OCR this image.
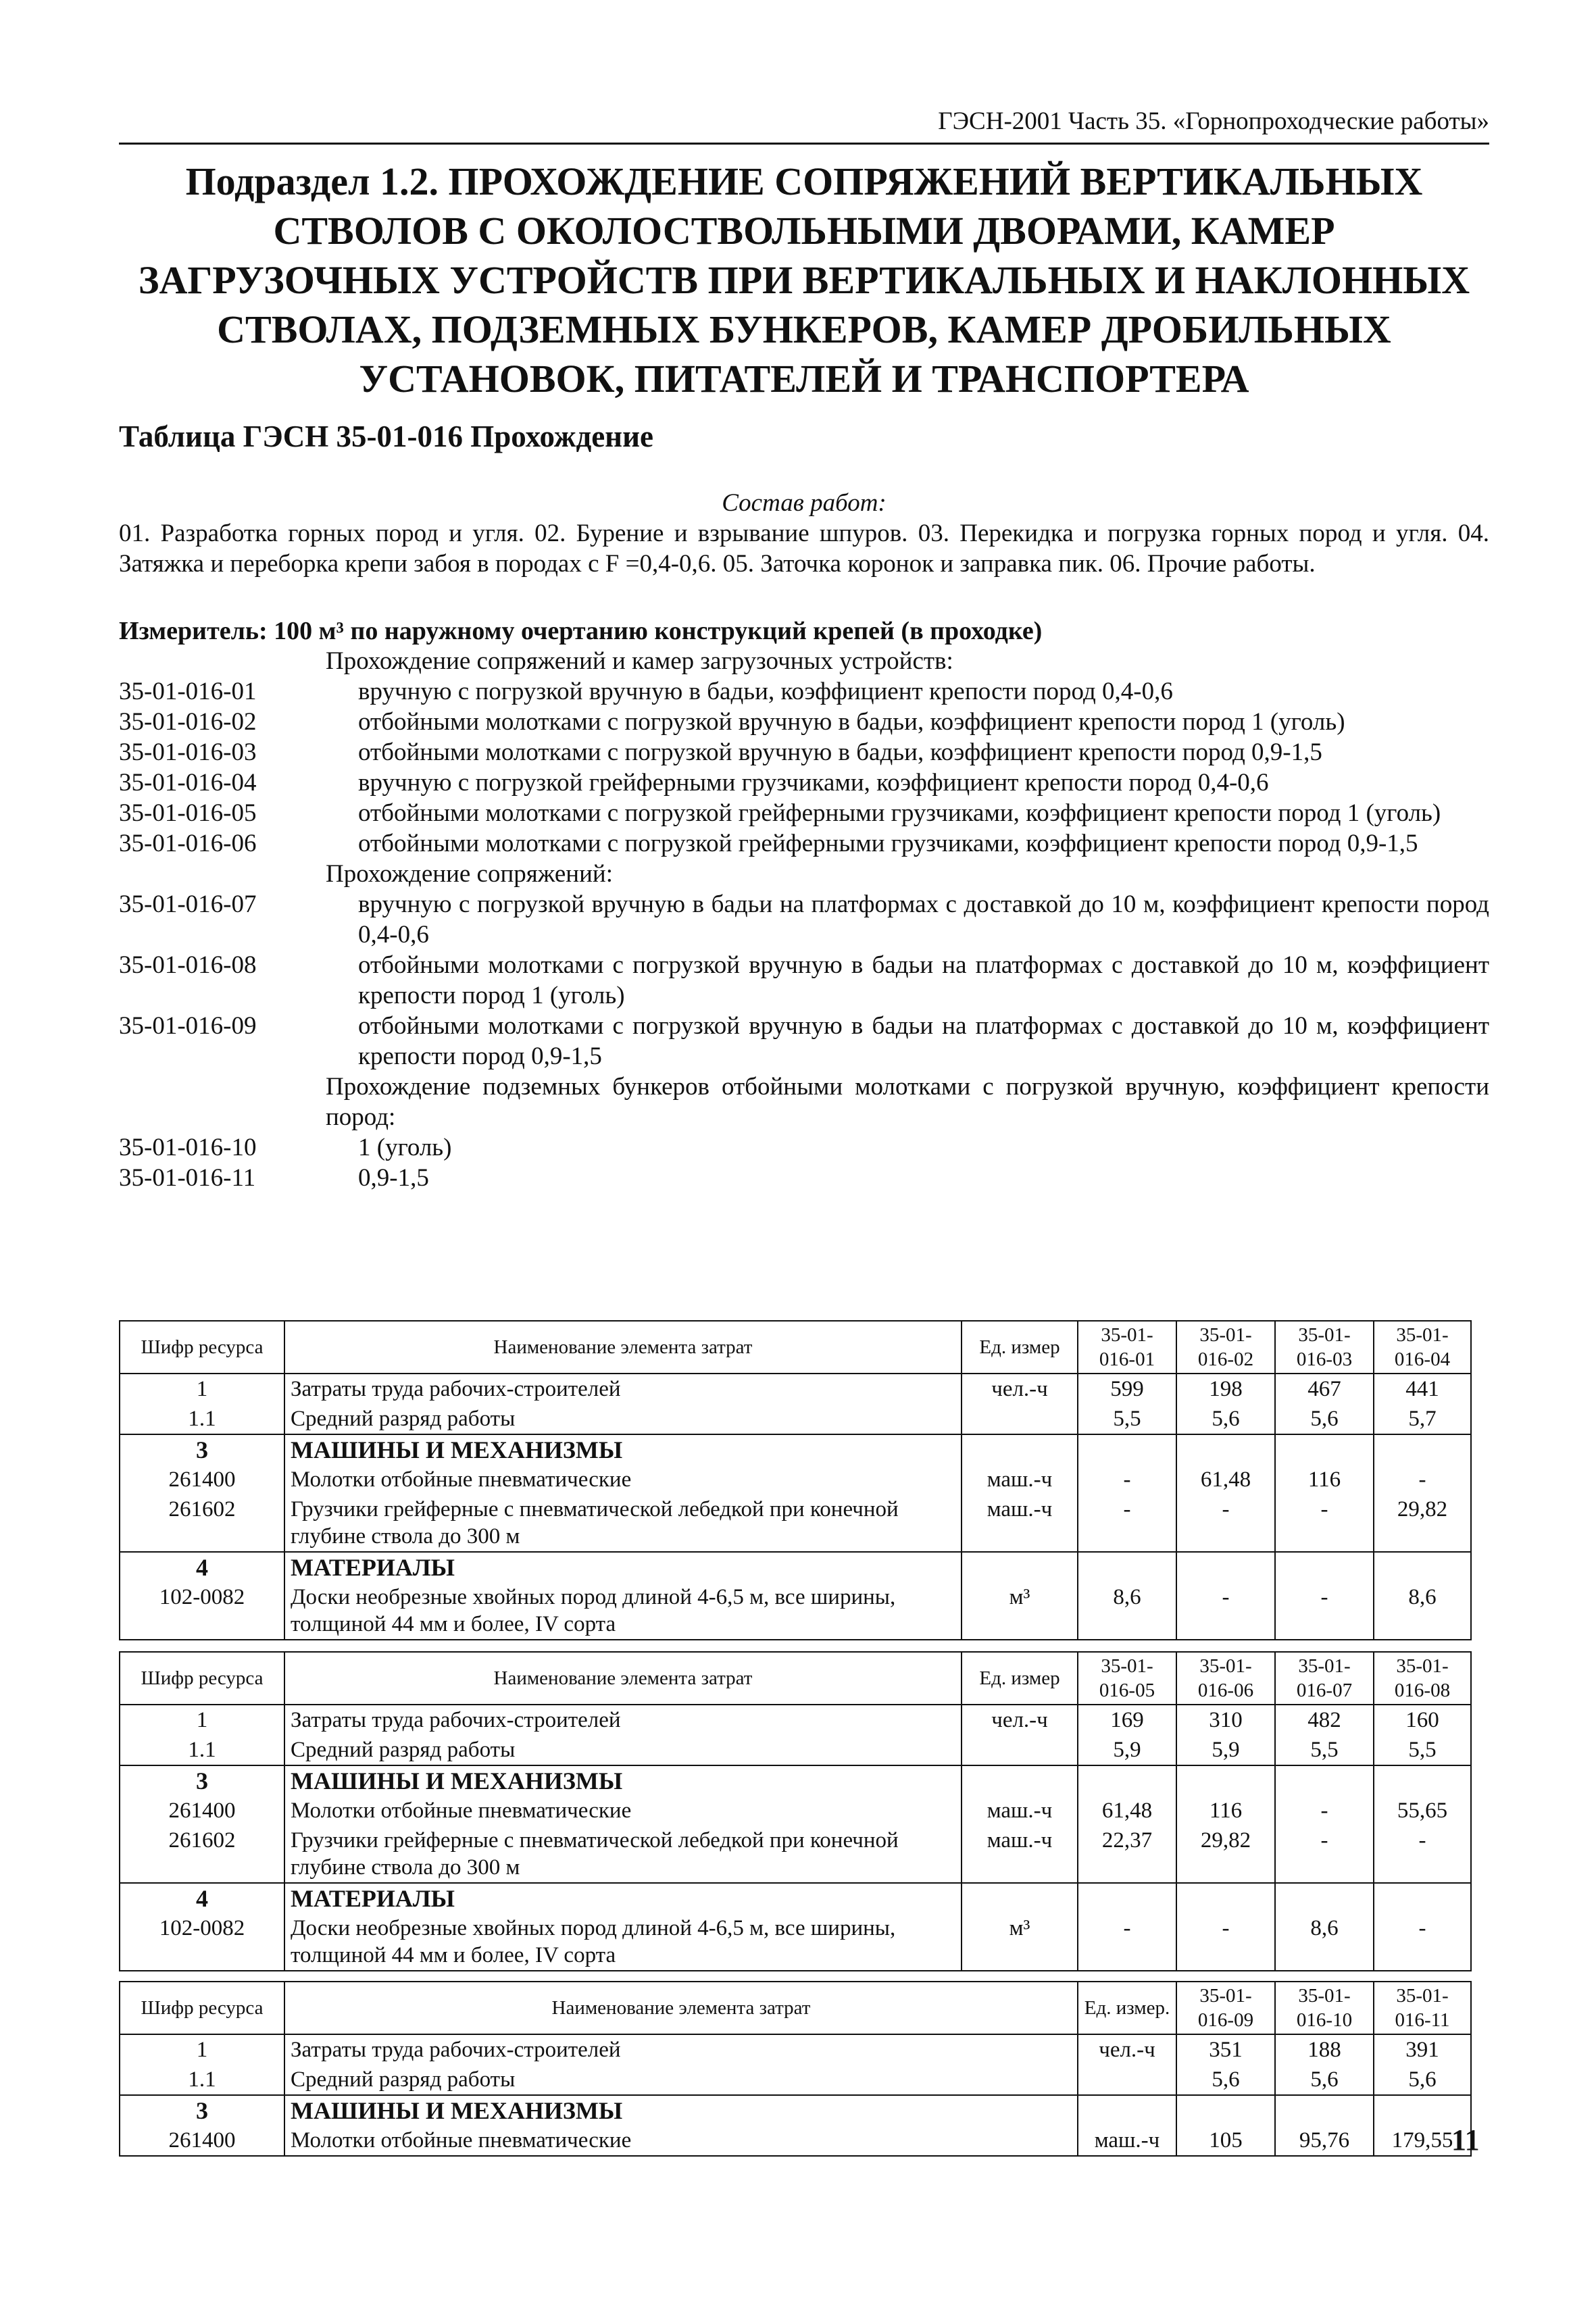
ГЭСН-2001 Часть 35. «Горнопроходческие работы»
Подраздел 1.2. ПРОХОЖДЕНИЕ СОПРЯЖЕНИЙ ВЕРТИКАЛЬНЫХ
СТВОЛОВ С ОКОЛОСТВОЛЬНЫМИ ДВОРАМИ, КАМЕР
ЗАГРУЗОЧНЫХ УСТРОЙСТВ ПРИ ВЕРТИКАЛЬНЫХ И НАКЛОННЫХ
СТВОЛАХ, ПОДЗЕМНЫХ БУНКЕРОВ, КАМЕР ДРОБИЛЬНЫХ
УСТАНОВОК, ПИТАТЕЛЕЙ И ТРАНСПОРТЕРА
Таблица ГЭСН 35-01-016 Прохождение
Состав работ:
01. Разработка горных пород и угля. 02. Бурение и взрывание шпуров. 03. Перекидка и погрузка горных пород и угля. 04. Затяжка и переборка крепи забоя в породах с F =0,4-0,6. 05. Заточка коронок и заправка пик. 06. Прочие работы.
Измеритель: 100 м³ по наружному очертанию конструкций крепей (в проходке)
Прохождение сопряжений и камер загрузочных устройств:
35-01-016-01	вручную с погрузкой вручную в бадьи, коэффициент крепости пород 0,4-0,6
35-01-016-02	отбойными молотками с погрузкой вручную в бадьи, коэффициент крепости пород 1 (уголь)
35-01-016-03	отбойными молотками с погрузкой вручную в бадьи, коэффициент крепости пород 0,9-1,5
35-01-016-04	вручную с погрузкой грейферными грузчиками, коэффициент крепости пород 0,4-0,6
35-01-016-05	отбойными молотками с погрузкой грейферными грузчиками, коэффициент крепости пород 1 (уголь)
35-01-016-06	отбойными молотками с погрузкой грейферными грузчиками, коэффициент крепости пород 0,9-1,5
Прохождение сопряжений:
35-01-016-07	вручную с погрузкой вручную в бадьи на платформах с доставкой до 10 м, коэффициент крепости пород 0,4-0,6
35-01-016-08	отбойными молотками с погрузкой вручную в бадьи на платформах с доставкой до 10 м, коэффициент крепости пород 1 (уголь)
35-01-016-09	отбойными молотками с погрузкой вручную в бадьи на платформах с доставкой до 10 м, коэффициент крепости пород 0,9-1,5
Прохождение подземных бункеров отбойными молотками с погрузкой вручную, коэффициент крепости пород:
35-01-016-10	1 (уголь)
35-01-016-11	0,9-1,5
Шифр ресурса	Наименование элемента затрат	Ед. измер	35-01-016-01	35-01-016-02	35-01-016-03	35-01-016-04
1	Затраты труда рабочих-строителей	чел.-ч	599	198	467	441
1.1	Средний разряд работы		5,5	5,6	5,6	5,7
3	МАШИНЫ И МЕХАНИЗМЫ					
261400	Молотки отбойные пневматические	маш.-ч	-	61,48	116	-
261602	Грузчики грейферные с пневматической лебедкой при конечной глубине ствола до 300 м	маш.-ч	-	-	-	29,82
4	МАТЕРИАЛЫ					
102-0082	Доски необрезные хвойных пород длиной 4-6,5 м, все ширины, толщиной 44 мм и более, IV сорта	м³	8,6	-	-	8,6
Шифр ресурса	Наименование элемента затрат	Ед. измер	35-01-016-05	35-01-016-06	35-01-016-07	35-01-016-08
1	Затраты труда рабочих-строителей	чел.-ч	169	310	482	160
1.1	Средний разряд работы		5,9	5,9	5,5	5,5
3	МАШИНЫ И МЕХАНИЗМЫ					
261400	Молотки отбойные пневматические	маш.-ч	61,48	116	-	55,65
261602	Грузчики грейферные с пневматической лебедкой при конечной глубине ствола до 300 м	маш.-ч	22,37	29,82	-	-
4	МАТЕРИАЛЫ					
102-0082	Доски необрезные хвойных пород длиной 4-6,5 м, все ширины, толщиной 44 мм и более, IV сорта	м³	-	-	8,6	-
Шифр ресурса	Наименование элемента затрат	Ед. измер.	35-01-016-09	35-01-016-10	35-01-016-11
1	Затраты труда рабочих-строителей	чел.-ч	351	188	391
1.1	Средний разряд работы		5,6	5,6	5,6
3	МАШИНЫ И МЕХАНИЗМЫ				
261400	Молотки отбойные пневматические	маш.-ч	105	95,76	179,55
11
